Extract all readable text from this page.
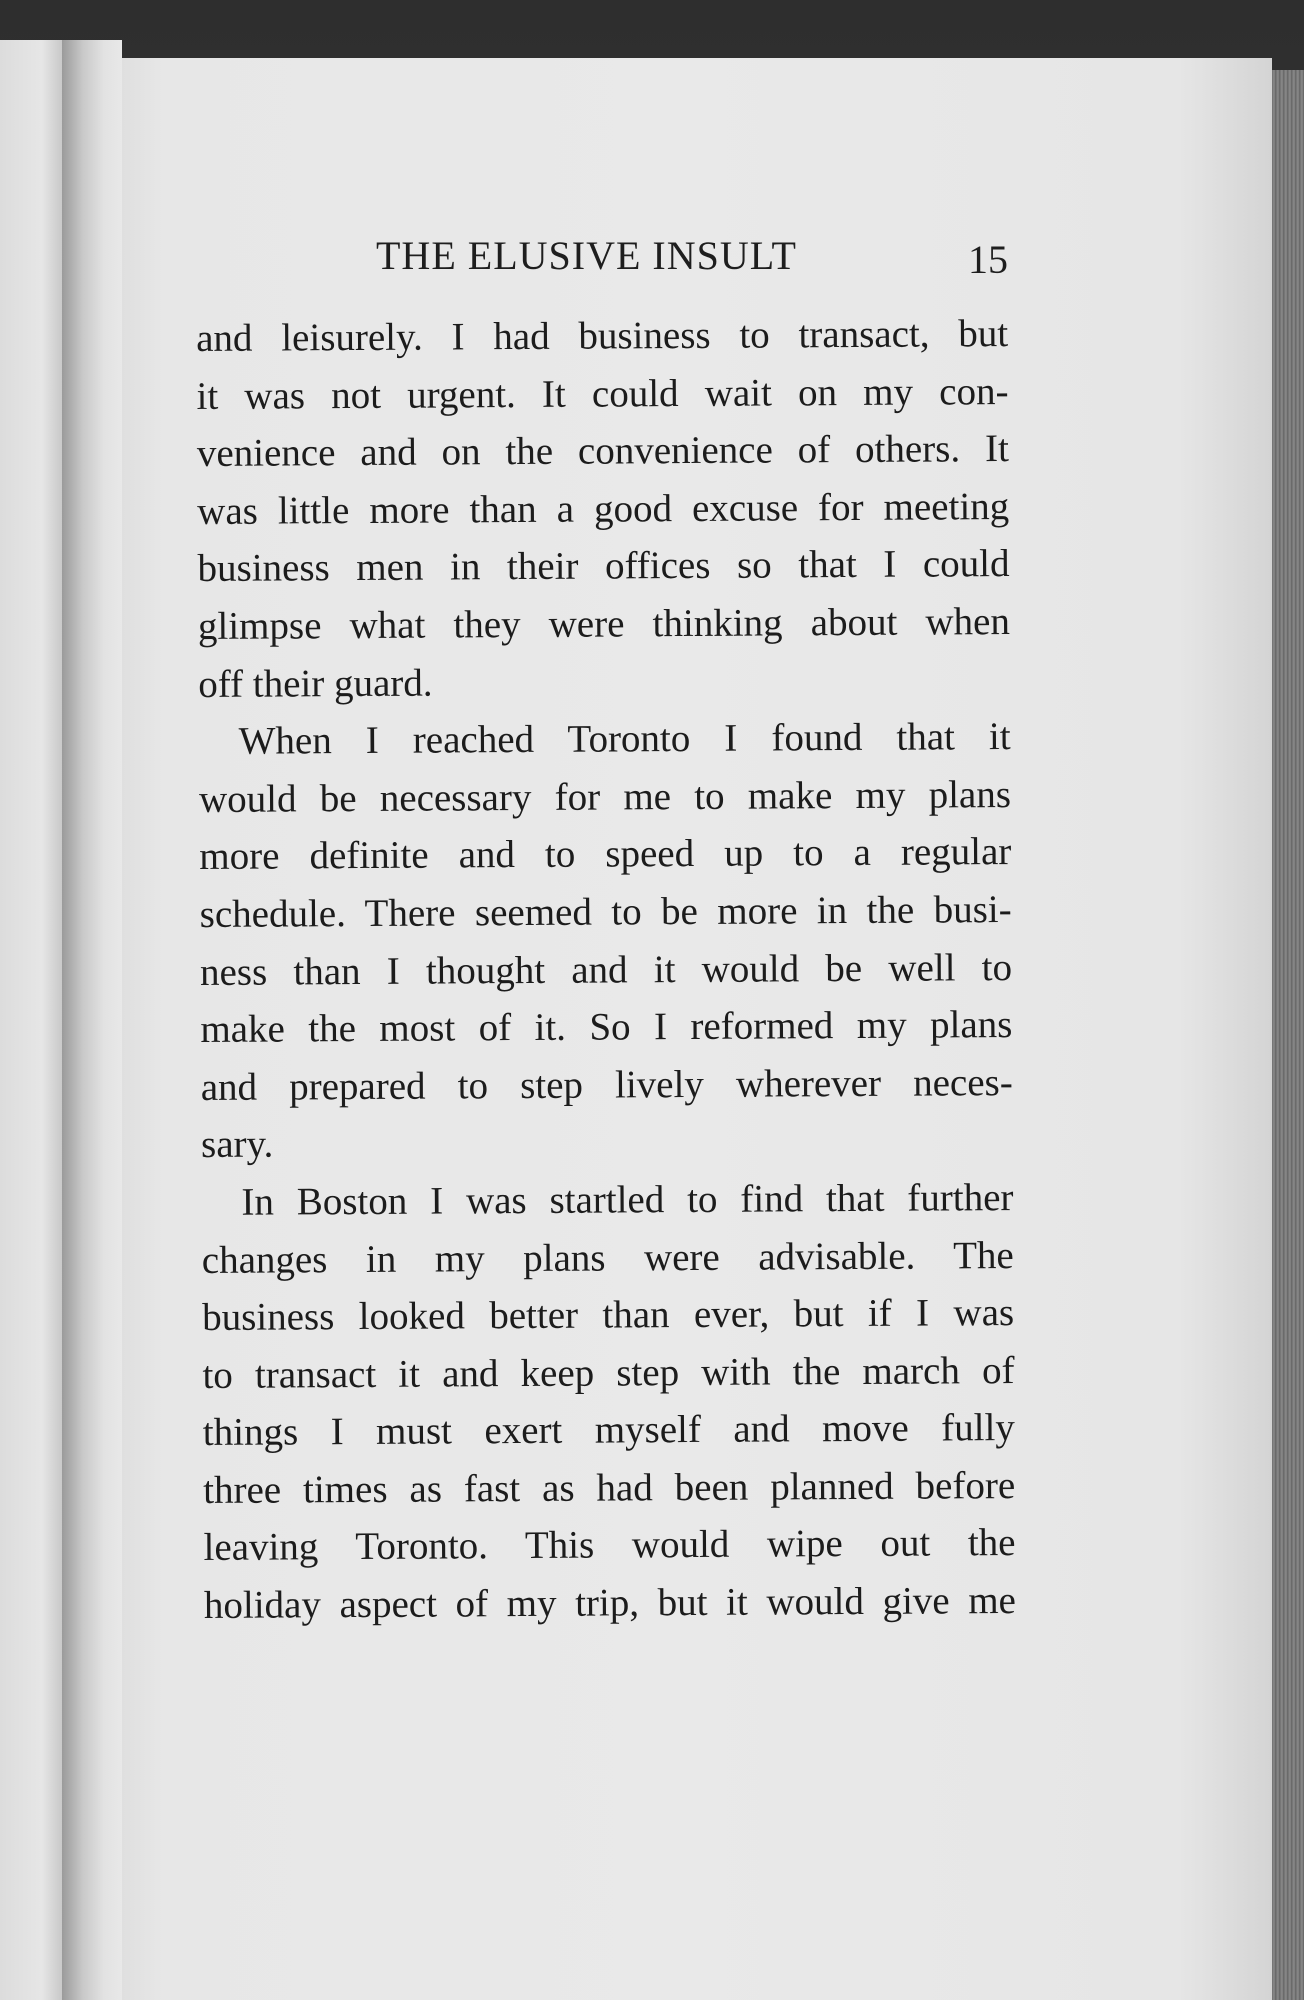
THE ELUSIVE INSULT	15
and leisurely. I had business to transact, but
it was not urgent. It could wait on my con-
venience and on the convenience of others. It
was little more than a good excuse for meeting
business men in their offices so that I could
glimpse what they were thinking about when
off their guard.
When I reached Toronto I found that it
would be necessary for me to make my plans
more definite and to speed up to a regular
schedule. There seemed to be more in the busi-
ness than I thought and it would be well to
make the most of it. So I reformed my plans
and prepared to step lively wherever neces-
sary.
In Boston I was startled to find that further
changes in my plans were advisable. The
business looked better than ever, but if I was
to transact it and keep step with the march of
things I must exert myself and move fully
three times as fast as had been planned before
leaving Toronto. This would wipe out the
holiday aspect of my trip, but it would give me
